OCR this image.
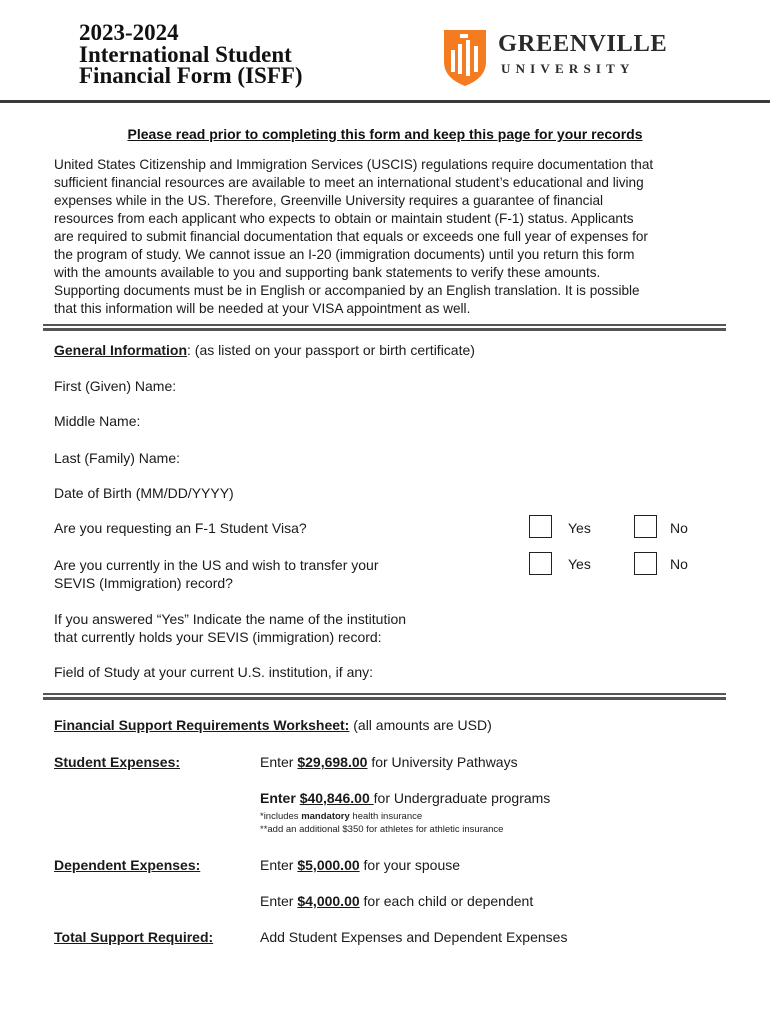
2023-2024
International Student
Financial Form (ISFF)
GREENVILLE
UNIVERSITY
Please read prior to completing this form and keep this page for your records
United States Citizenship and Immigration Services (USCIS) regulations require documentation that
sufficient financial resources are available to meet an international student’s educational and living
expenses while in the US. Therefore, Greenville University requires a guarantee of financial
resources from each applicant who expects to obtain or maintain student (F-1) status. Applicants
are required to submit financial documentation that equals or exceeds one full year of expenses for
the program of study. We cannot issue an I-20 (immigration documents) until you return this form
with the amounts available to you and supporting bank statements to verify these amounts.
Supporting documents must be in English or accompanied by an English translation. It is possible
that this information will be needed at your VISA appointment as well.
General Information: (as listed on your passport or birth certificate)
First (Given) Name:
Middle Name:
Last (Family) Name:
Date of Birth (MM/DD/YYYY)
Are you requesting an F-1 Student Visa?	Yes	No
Are you currently in the US and wish to transfer your
SEVIS (Immigration) record?
Yes	No
If you answered “Yes” Indicate the name of the institution
that currently holds your SEVIS (immigration) record:
Field of Study at your current U.S. institution, if any:
Financial Support Requirements Worksheet: (all amounts are USD)
Student Expenses:	Enter $29,698.00 for University Pathways
Enter $40,846.00 for Undergraduate programs
*includes mandatory health insurance
**add an additional $350 for athletes for athletic insurance
Dependent Expenses:	Enter $5,000.00 for your spouse
Enter $4,000.00 for each child or dependent
Total Support Required:	Add Student Expenses and Dependent Expenses
